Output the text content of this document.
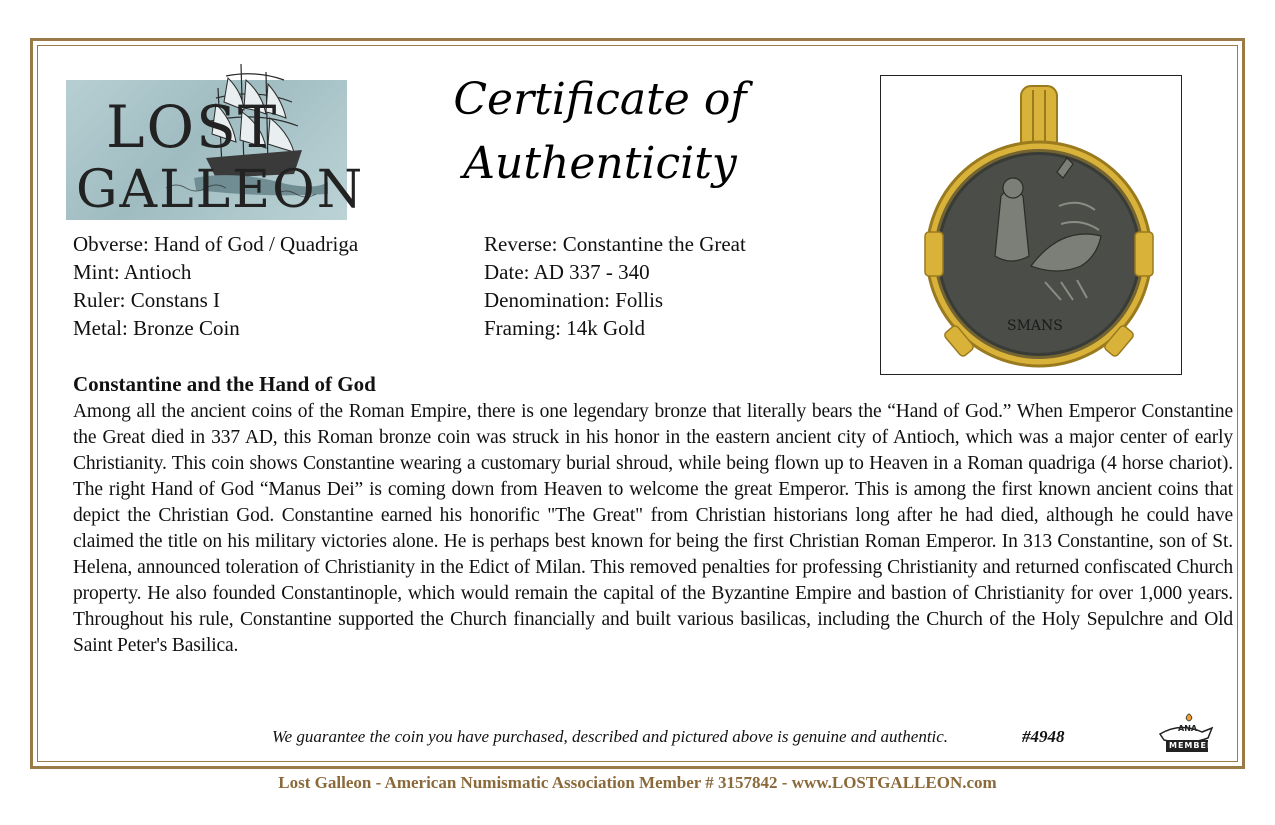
LOST
GALLEON
Certificate of
Authenticity
SMANS
Obverse: Hand of God / Quadriga
Mint: Antioch
Ruler: Constans I
Metal: Bronze Coin
Reverse: Constantine the Great
Date: AD 337 - 340
Denomination: Follis
Framing: 14k Gold
Constantine and the Hand of God

Among all the ancient coins of the Roman Empire, there is one legendary bronze that literally bears the “Hand of God.” When Emperor Constantine the Great died in 337 AD, this Roman bronze coin was struck in his honor in the eastern ancient city of Antioch, which was a major center of early Christianity. This coin shows Constantine wearing a customary burial shroud, while being flown up to Heaven in a Roman quadriga (4 horse chariot). The right Hand of God “Manus Dei” is coming down from Heaven to welcome the great Emperor. This is among the first known ancient coins that depict the Christian God. Constantine earned his honorific "The Great" from Christian historians long after he had died, although he could have claimed the title on his military victories alone. He is perhaps best known for being the first Christian Roman Emperor. In 313 Constantine, son of St. Helena, announced toleration of Christianity in the Edict of Milan. This removed penalties for professing Christianity and returned confiscated Church property. He also founded Constantinople, which would remain the capital of the Byzantine Empire and bastion of Christianity for over 1,000 years. Throughout his rule, Constantine supported the Church financially and built various basilicas, including the Church of the Holy Sepulchre and Old Saint Peter's Basilica.

We guarantee the coin you have purchased, described and pictured above is genuine and authentic.	#4948	ANA
MEMBER
Lost Galleon - American Numismatic Association Member # 3157842 - www.LOSTGALLEON.com
